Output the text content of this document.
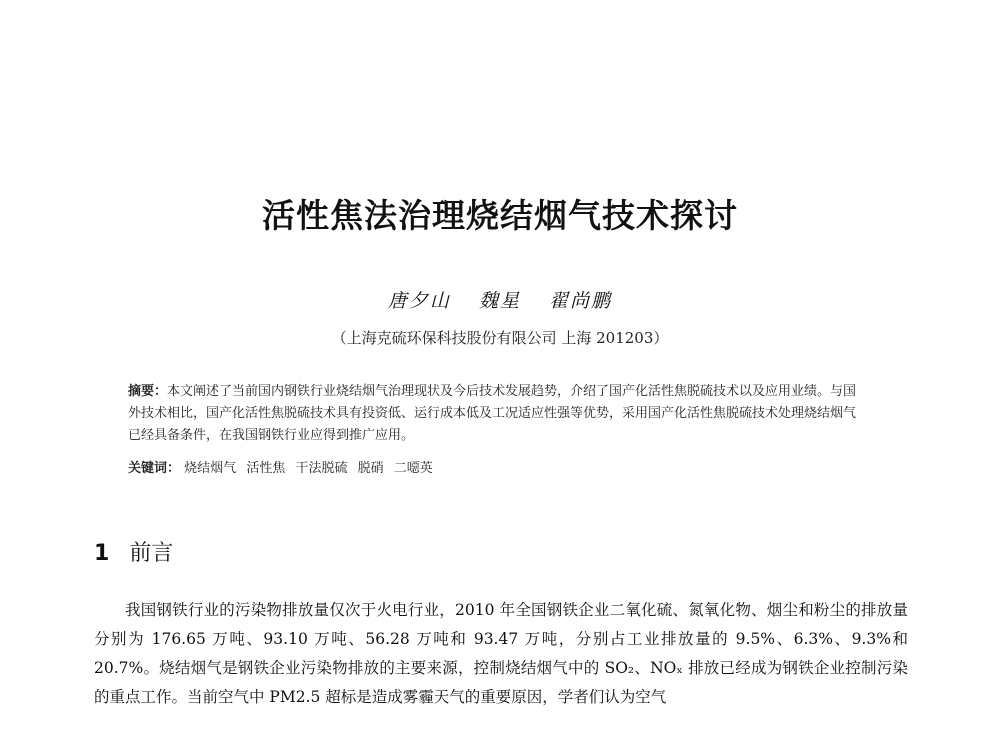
活性焦法治理烧结烟气技术探讨
唐夕山 魏星 翟尚鹏
（上海克硫环保科技股份有限公司 上海 201203）
摘要：本文阐述了当前国内钢铁行业烧结烟气治理现状及今后技术发展趋势，介绍了国产化活性焦脱硫技术以及应用业绩。与国外技术相比，国产化活性焦脱硫技术具有投资低、运行成本低及工况适应性强等优势，采用国产化活性焦脱硫技术处理烧结烟气已经具备条件，在我国钢铁行业应得到推广应用。
关键词： 烧结烟气 活性焦 干法脱硫 脱硝 二噁英
1 前言
我国钢铁行业的污染物排放量仅次于火电行业，2010 年全国钢铁企业二氧化硫、氮氧化物、烟尘和粉尘的排放量分别为 176.65 万吨、93.10 万吨、56.28 万吨和 93.47 万吨，分别占工业排放量的 9.5%、6.3%、9.3%和 20.7%。烧结烟气是钢铁企业污染物排放的主要来源，控制烧结烟气中的 SO₂、NOₓ 排放已经成为钢铁企业控制污染的重点工作。当前空气中 PM2.5 超标是造成雾霾天气的重要原因，学者们认为空气
